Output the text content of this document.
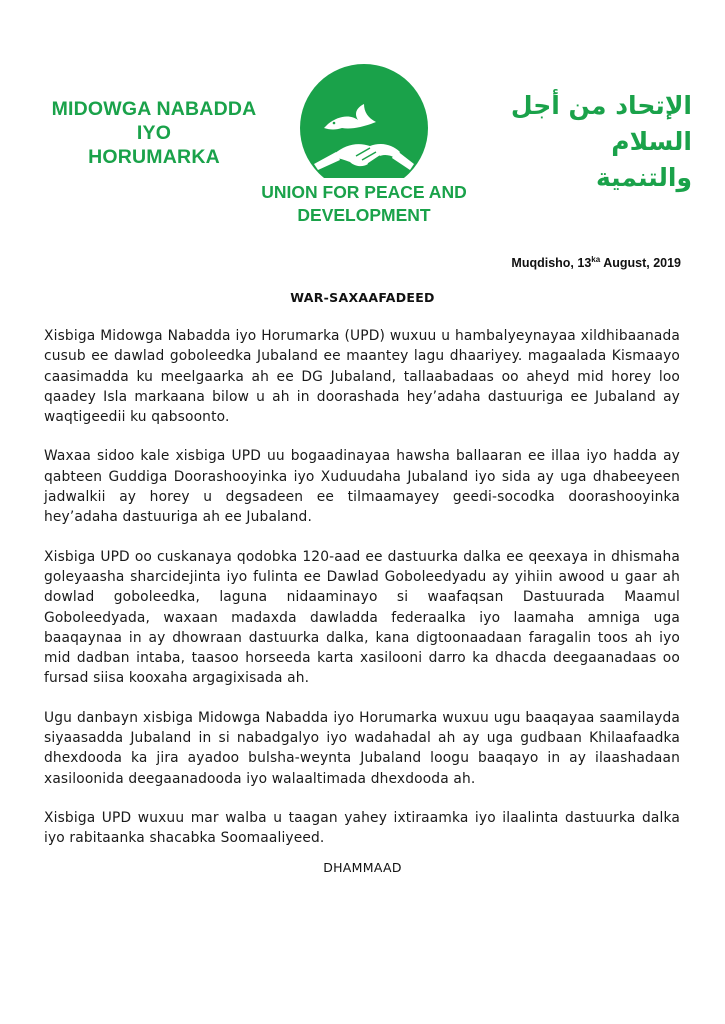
MIDOWGA NABADDA IYO
HORUMARKA
الإتحاد من أجل السلام
والتنمية
UNION FOR PEACE AND
DEVELOPMENT
Muqdisho, $13^{ka}$ August, 2019
WAR-SAXAAFADEED

Xisbiga Midowga Nabadda iyo Horumarka (UPD) wuxuu u hambalyeynayaa xildhibaanada cusub ee dawlad goboleedka Jubaland ee maantey lagu dhaariyey. magaalada Kismaayo caasimadda ku meelgaarka ah ee DG Jubaland, tallaabadaas oo aheyd mid horey loo qaadey Isla markaana bilow u ah in doorashada hey’adaha dastuuriga ee Jubaland ay waqtigeedii ku qabsoonto.

Waxaa sidoo kale xisbiga UPD uu bogaadinayaa hawsha ballaaran ee illaa iyo hadda ay qabteen Guddiga Doorashooyinka iyo Xuduudaha Jubaland iyo sida ay uga dhabeeyeen jadwalkii ay horey u degsadeen ee tilmaamayey geedi-socodka doorashooyinka hey’adaha dastuuriga ah ee Jubaland.

Xisbiga UPD oo cuskanaya qodobka 120-aad ee dastuurka dalka ee qeexaya in dhismaha goleyaasha sharcidejinta iyo fulinta ee Dawlad Goboleedyadu ay yihiin awood u gaar ah dowlad goboleedka, laguna nidaaminayo si waafaqsan Dastuurada Maamul Goboleedyada, waxaan madaxda dawladda federaalka iyo laamaha amniga uga baaqaynaa in ay dhowraan dastuurka dalka, kana digtoonaadaan faragalin toos ah iyo mid dadban intaba, taasoo horseeda karta xasilooni darro ka dhacda deegaanadaas oo fursad siisa kooxaha argagixisada ah.

Ugu danbayn xisbiga Midowga Nabadda iyo Horumarka wuxuu ugu baaqayaa saamilayda siyaasadda Jubaland in si nabadgalyo iyo wadahadal ah ay uga gudbaan Khilaafaadka dhexdooda ka jira ayadoo bulsha-weynta Jubaland loogu baaqayo in ay ilaashadaan xasiloonida deegaanadooda iyo walaaltimada dhexdooda ah.

Xisbiga UPD wuxuu mar walba u taagan yahey ixtiraamka iyo ilaalinta dastuurka dalka iyo rabitaanka shacabka Soomaaliyeed.

DHAMMAAD
